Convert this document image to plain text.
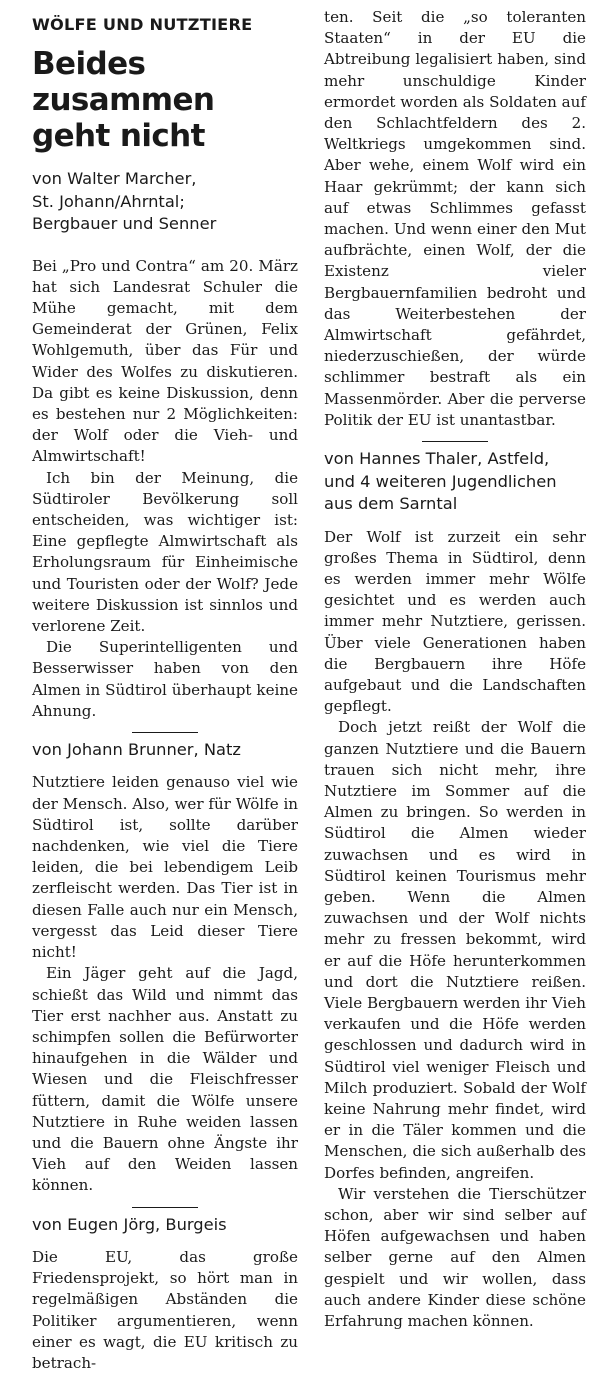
WÖLFE UND NUTZTIERE
Beides zusammen
geht nicht
von Walter Marcher,
St. Johann/Ahrntal;
Bergbauer und Senner

Bei „Pro und Contra“ am 20. März hat sich Landesrat Schuler die Mühe gemacht, mit dem Gemeinderat der Grünen, Felix Wohlgemuth, über das Für und Wider des Wolfes zu diskutieren. Da gibt es keine Diskussion, denn es bestehen nur 2 Möglichkeiten: der Wolf oder die Vieh- und Almwirtschaft!

Ich bin der Meinung, die Südtiroler Bevölkerung soll entscheiden, was wichtiger ist: Eine gepflegte Almwirtschaft als Erholungsraum für Einheimische und Touristen oder der Wolf? Jede weitere Diskussion ist sinnlos und verlorene Zeit.

Die Superintelligenten und Besserwisser haben von den Almen in Südtirol überhaupt keine Ahnung.

von Johann Brunner, Natz

Nutztiere leiden genauso viel wie der Mensch. Also, wer für Wölfe in Südtirol ist, sollte darüber nachdenken, wie viel die Tiere leiden, die bei lebendigem Leib zerfleischt werden. Das Tier ist in diesen Falle auch nur ein Mensch, vergesst das Leid dieser Tiere nicht!

Ein Jäger geht auf die Jagd, schießt das Wild und nimmt das Tier erst nachher aus. Anstatt zu schimpfen sollen die Befürworter hinaufgehen in die Wälder und Wiesen und die Fleischfresser füttern, damit die Wölfe unsere Nutztiere in Ruhe weiden lassen und die Bauern ohne Ängste ihr Vieh auf den Weiden lassen können.

von Eugen Jörg, Burgeis

Die EU, das große Friedensprojekt, so hört man in regelmäßigen Abständen die Politiker argumentieren, wenn einer es wagt, die EU kritisch zu betrach-

ten. Seit die „so toleranten Staaten“ in der EU die Abtreibung legalisiert haben, sind mehr unschuldige Kinder ermordet worden als Soldaten auf den Schlachtfeldern des 2. Weltkriegs umgekommen sind. Aber wehe, einem Wolf wird ein Haar gekrümmt; der kann sich auf etwas Schlimmes gefasst machen. Und wenn einer den Mut aufbrächte, einen Wolf, der die Existenz vieler Bergbauernfamilien bedroht und das Weiterbestehen der Almwirtschaft gefährdet, niederzuschießen, der würde schlimmer bestraft als ein Massenmörder. Aber die perverse Politik der EU ist unantastbar.

von Hannes Thaler, Astfeld,
und 4 weiteren Jugendlichen
aus dem Sarntal

Der Wolf ist zurzeit ein sehr großes Thema in Südtirol, denn es werden immer mehr Wölfe gesichtet und es werden auch immer mehr Nutztiere, gerissen. Über viele Generationen haben die Bergbauern ihre Höfe aufgebaut und die Landschaften gepflegt.

Doch jetzt reißt der Wolf die ganzen Nutztiere und die Bauern trauen sich nicht mehr, ihre Nutztiere im Sommer auf die Almen zu bringen. So werden in Südtirol die Almen wieder zuwachsen und es wird in Südtirol keinen Tourismus mehr geben. Wenn die Almen zuwachsen und der Wolf nichts mehr zu fressen bekommt, wird er auf die Höfe herunterkommen und dort die Nutztiere reißen. Viele Bergbauern werden ihr Vieh verkaufen und die Höfe werden geschlossen und dadurch wird in Südtirol viel weniger Fleisch und Milch produziert. Sobald der Wolf keine Nahrung mehr findet, wird er in die Täler kommen und die Menschen, die sich außerhalb des Dorfes befinden, angreifen.

Wir verstehen die Tierschützer schon, aber wir sind selber auf Höfen aufgewachsen und haben selber gerne auf den Almen gespielt und wir wollen, dass auch andere Kinder diese schöne Erfahrung machen können.
